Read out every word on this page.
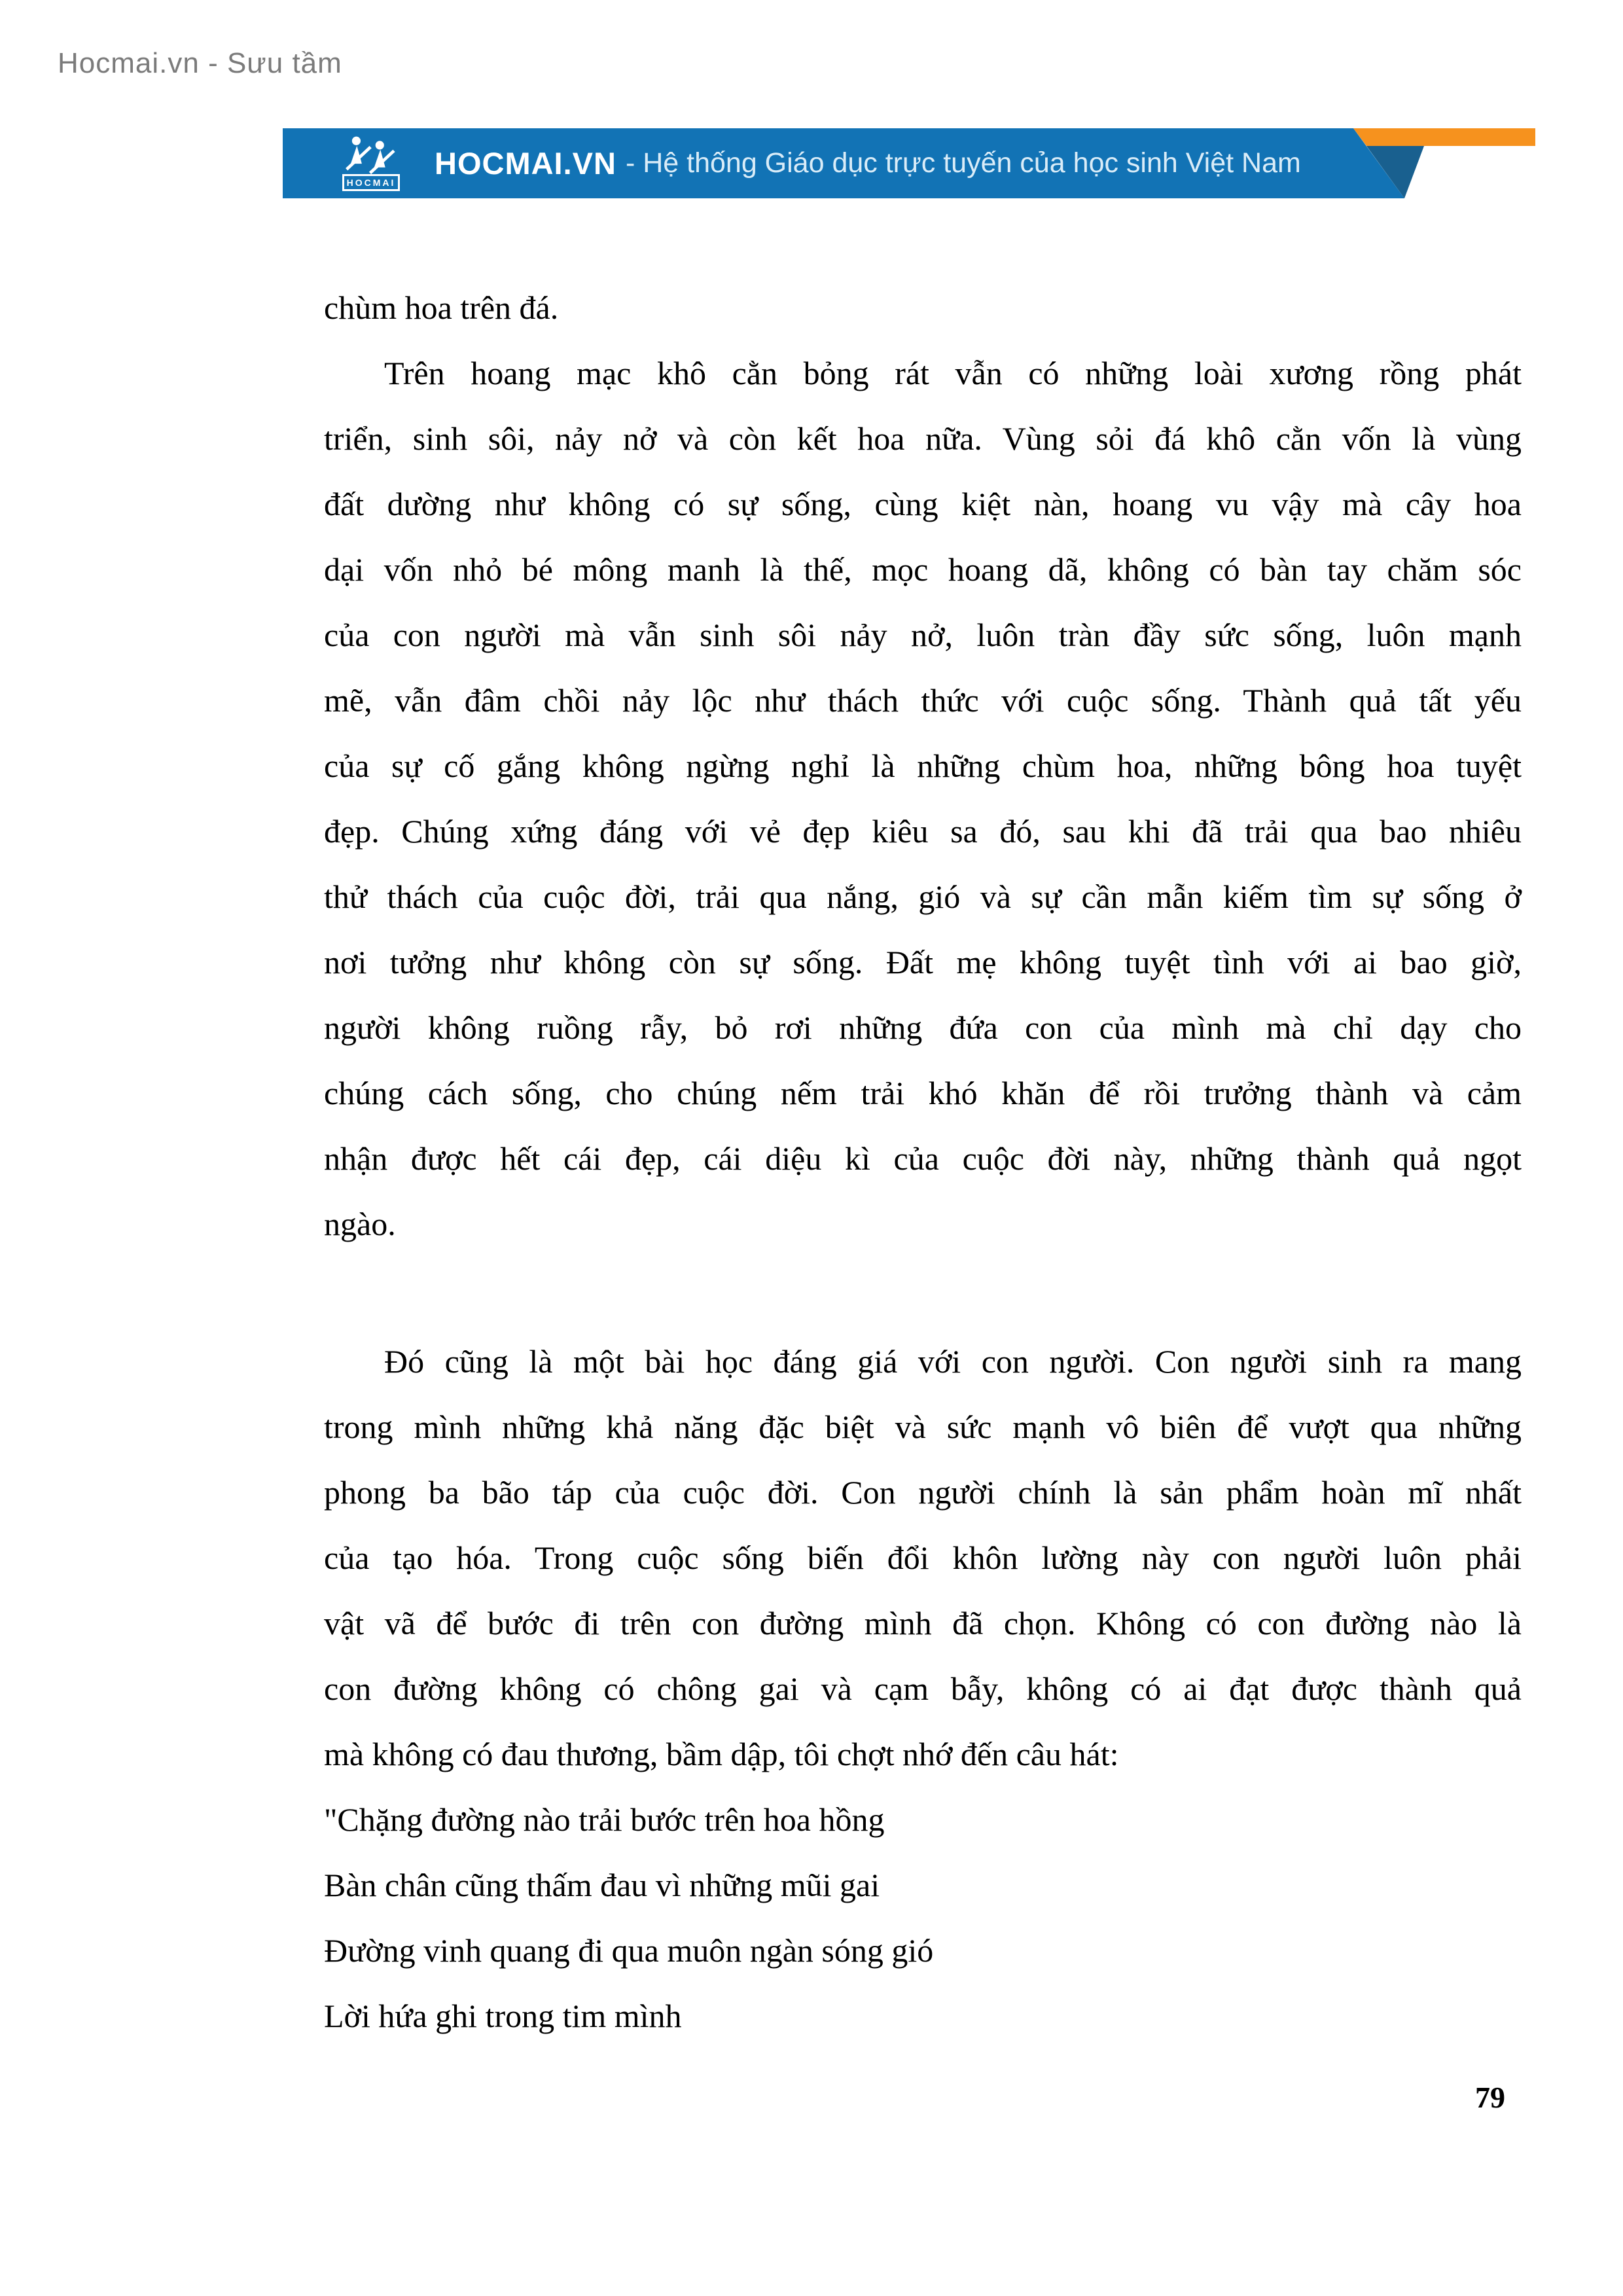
Hocmai.vn - Sưu tầm
HOCMAI
HOCMAI.VN - Hệ thống Giáo dục trực tuyến của học sinh Việt Nam
chùm hoa trên đá.
Trên hoang mạc khô cằn bỏng rát vẫn có những loài xương rồng phát
triển, sinh sôi, nảy nở và còn kết hoa nữa. Vùng sỏi đá khô cằn vốn là vùng
đất dường như không có sự sống, cùng kiệt nàn, hoang vu vậy mà cây hoa
dại vốn nhỏ bé mông manh là thế, mọc hoang dã, không có bàn tay chăm sóc
của con người mà vẫn sinh sôi nảy nở, luôn tràn đầy sức sống, luôn mạnh
mẽ, vẫn đâm chồi nảy lộc như thách thức với cuộc sống. Thành quả tất yếu
của sự cố gắng không ngừng nghỉ là những chùm hoa, những bông hoa tuyệt
đẹp. Chúng xứng đáng với vẻ đẹp kiêu sa đó, sau khi đã trải qua bao nhiêu
thử thách của cuộc đời, trải qua nắng, gió và sự cần mẫn kiếm tìm sự sống ở
nơi tưởng như không còn sự sống. Đất mẹ không tuyệt tình với ai bao giờ,
người không ruồng rẫy, bỏ rơi những đứa con của mình mà chỉ dạy cho
chúng cách sống, cho chúng nếm trải khó khăn để rồi trưởng thành và cảm
nhận được hết cái đẹp, cái diệu kì của cuộc đời này, những thành quả ngọt
ngào.
Đó cũng là một bài học đáng giá với con người. Con người sinh ra mang
trong mình những khả năng đặc biệt và sức mạnh vô biên để vượt qua những
phong ba bão táp của cuộc đời. Con người chính là sản phẩm hoàn mĩ nhất
của tạo hóa. Trong cuộc sống biến đổi khôn lường này con người luôn phải
vật vã để bước đi trên con đường mình đã chọn. Không có con đường nào là
con đường không có chông gai và cạm bẫy, không có ai đạt được thành quả
mà không có đau thương, bầm dập, tôi chợt nhớ đến câu hát:
"Chặng đường nào trải bước trên hoa hồng
Bàn chân cũng thấm đau vì những mũi gai
Đường vinh quang đi qua muôn ngàn sóng gió
Lời hứa ghi trong tim mình
79
